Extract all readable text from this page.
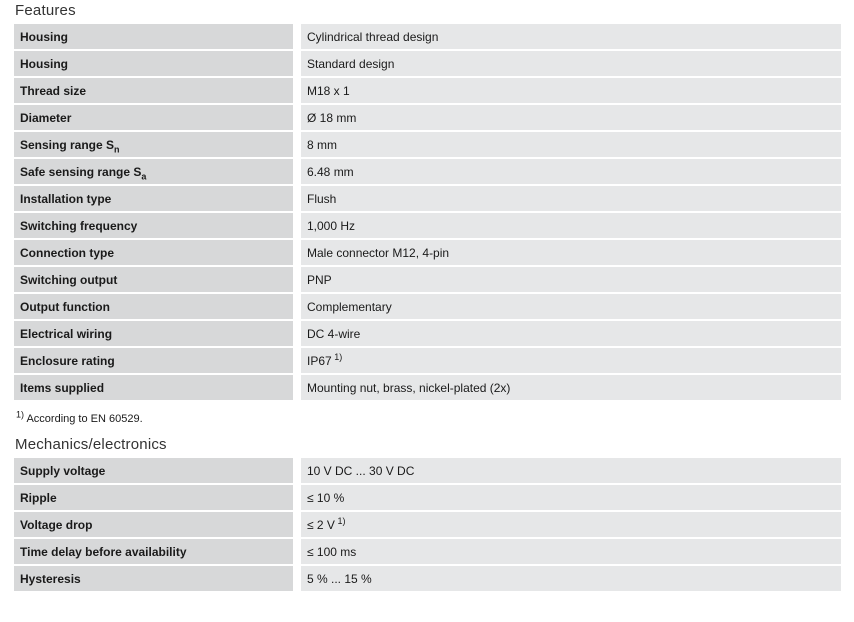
Features
Housing	Cylindrical thread design
Housing	Standard design
Thread size	M18 x 1
Diameter	Ø 18 mm
Sensing range $S_n$	8 mm
Safe sensing range $S_a$	6.48 mm
Installation type	Flush
Switching frequency	1,000 Hz
Connection type	Male connector M12, 4-pin
Switching output	PNP
Output function	Complementary
Electrical wiring	DC 4-wire
Enclosure rating	IP67 $^{1)}$
Items supplied	Mounting nut, brass, nickel-plated (2x)
$^{1)}$ According to EN 60529.
Mechanics/electronics
Supply voltage	10 V DC ... 30 V DC
Ripple	≤ 10 %
Voltage drop	≤ 2 V $^{1)}$
Time delay before availability	≤ 100 ms
Hysteresis	5 % ... 15 %
